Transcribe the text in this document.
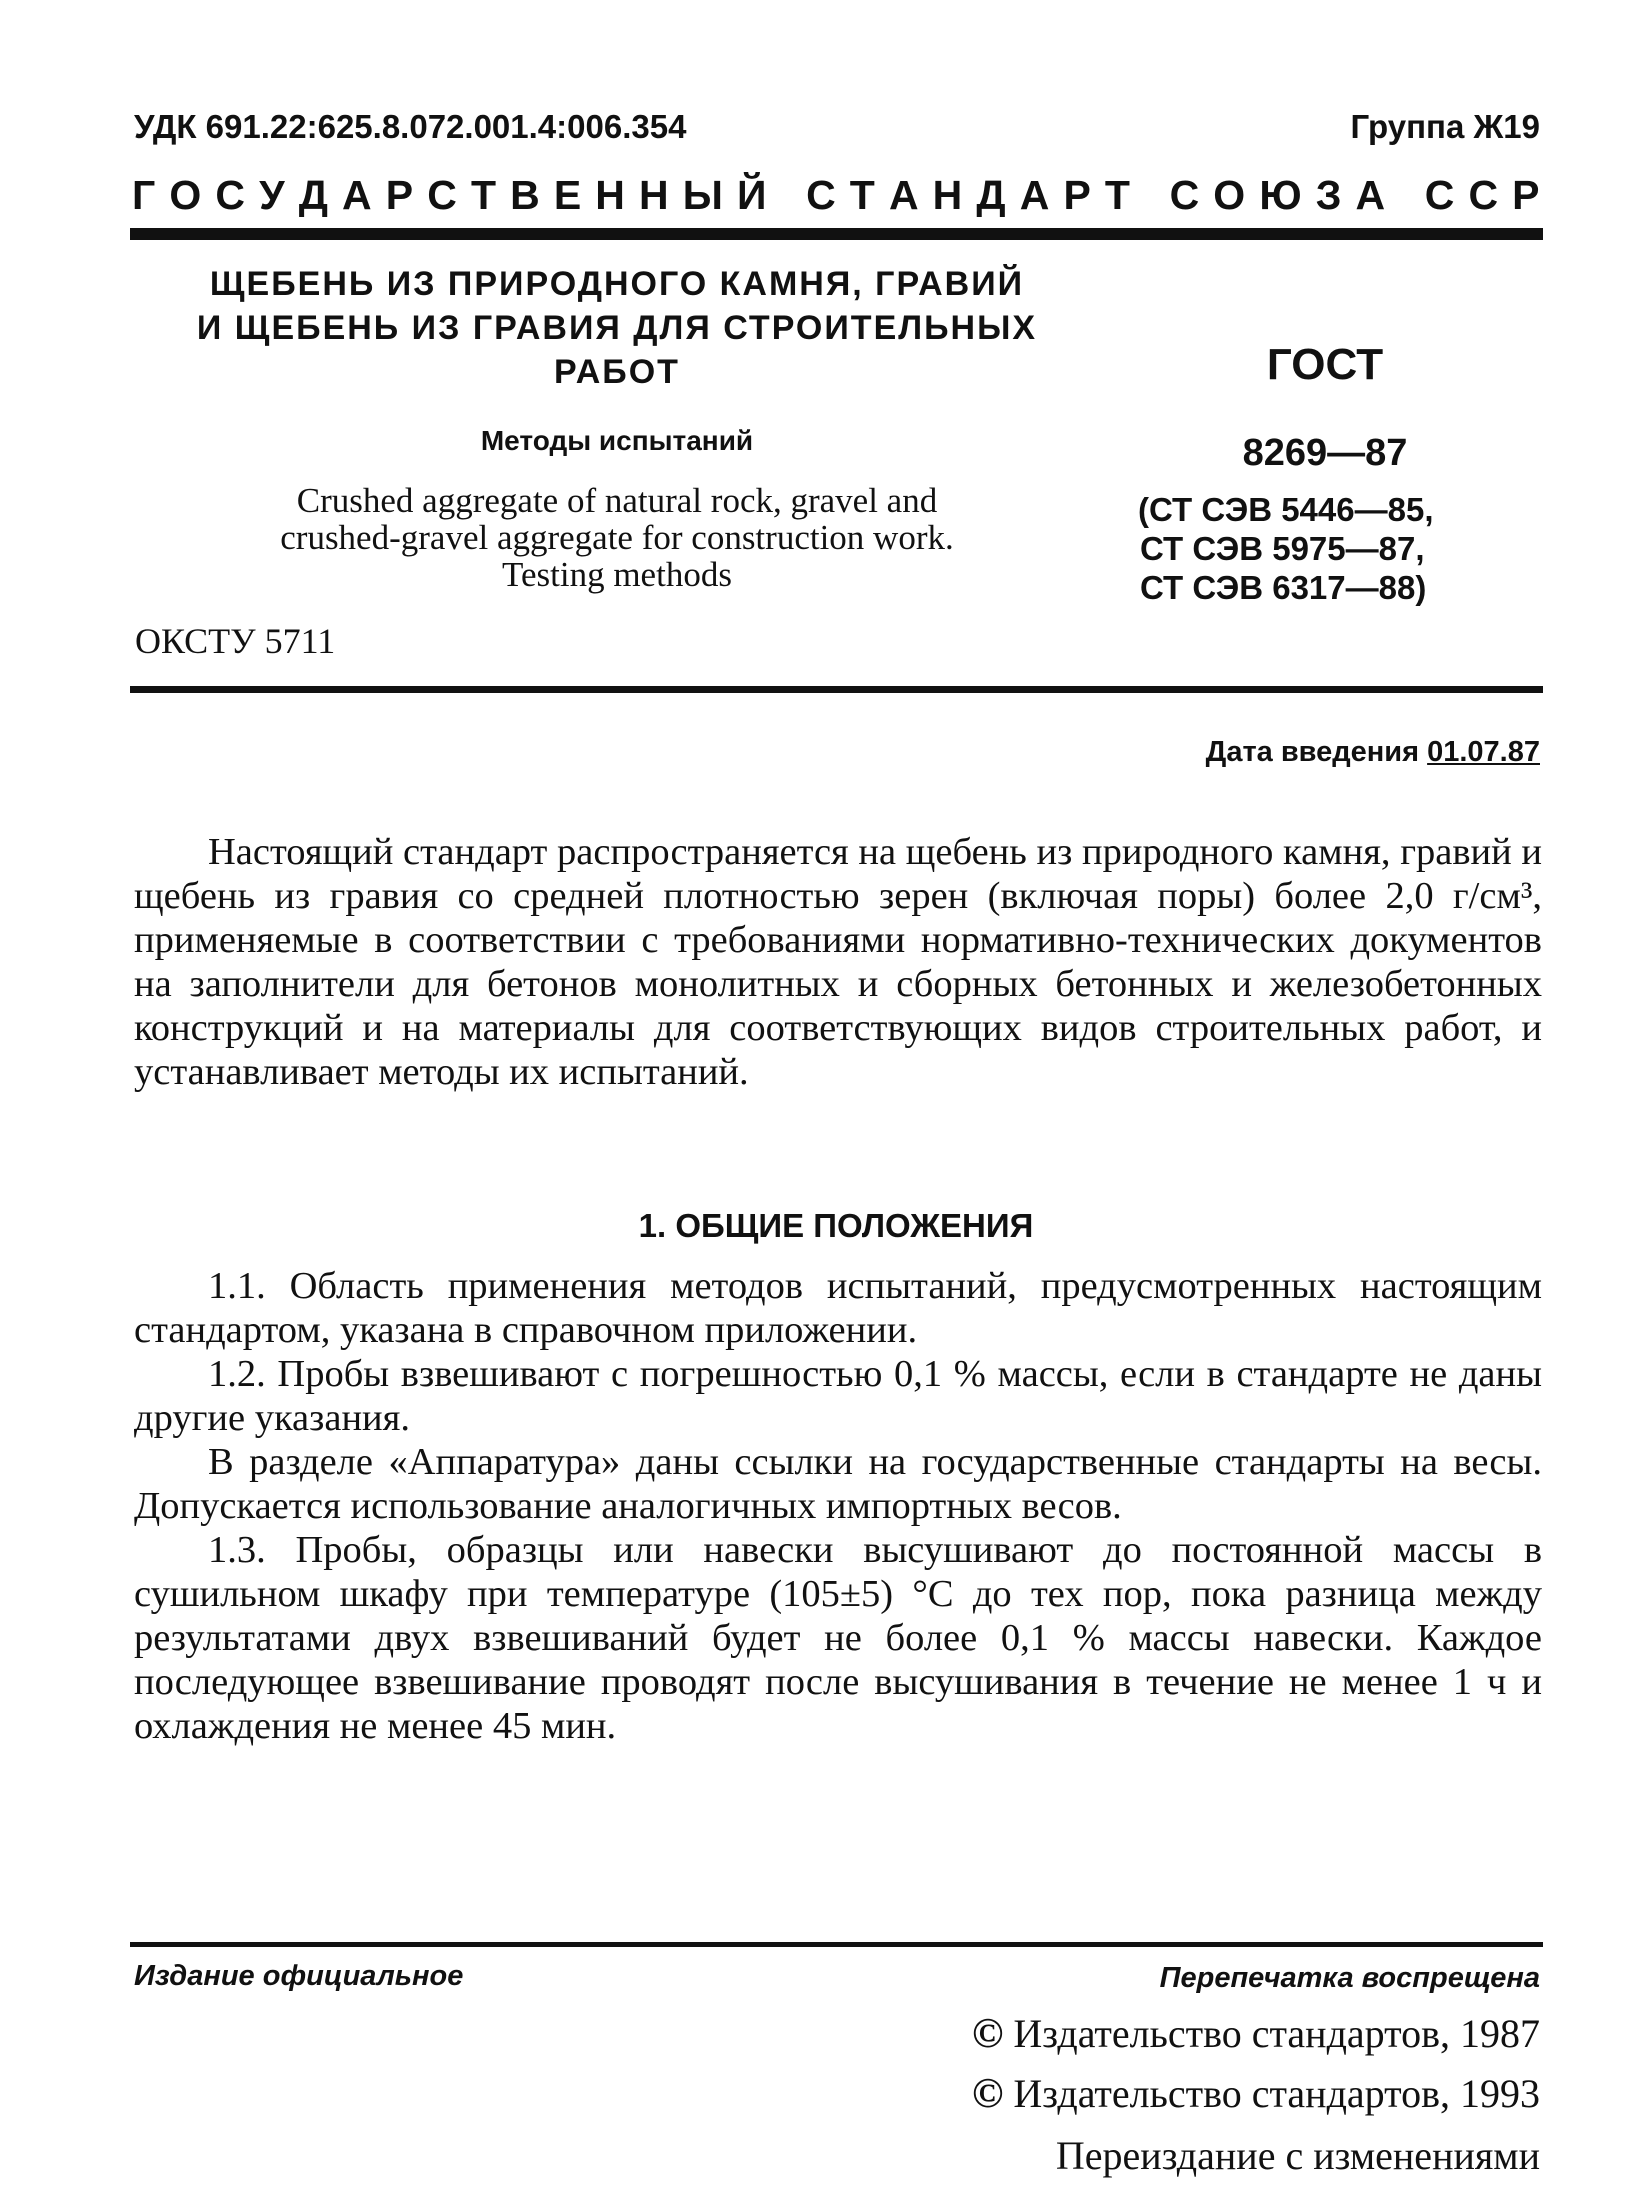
УДК 691.22:625.8.072.001.4:006.354	Группа Ж19
Г О С У Д А Р С Т В Е Н Н Ы Й
С Т А Н Д А Р Т
С О Ю З А
С С Р
ЩЕБЕНЬ ИЗ ПРИРОДНОГО КАМНЯ, ГРАВИЙ
И ЩЕБЕНЬ ИЗ ГРАВИЯ ДЛЯ СТРОИТЕЛЬНЫХ
РАБОТ
Методы испытаний
Crushed aggregate of natural rock, gravel and
crushed-gravel aggregate for construction work.
Testing methods
ОКСТУ 5711
ГОСТ
8269—87
(СТ СЭВ 5446—85,
СТ СЭВ 5975—87,
СТ СЭВ 6317—88)
Дата введения 01.07.87

Настоящий стандарт распространяется на щебень из природного камня, гравий и щебень из гравия со средней плотностью зерен (включая поры) более 2,0 г/см³, применяемые в соответствии с требованиями нормативно-технических документов на заполнители для бетонов монолитных и сборных бетонных и железобетонных конструкций и на материалы для соответствующих видов строительных работ, и устанавливает методы их испытаний.

1. ОБЩИЕ ПОЛОЖЕНИЯ

1.1. Область применения методов испытаний, предусмотренных настоящим стандартом, указана в справочном приложении.

1.2. Пробы взвешивают с погрешностью 0,1 % массы, если в стандарте не даны другие указания.

В разделе «Аппаратура» даны ссылки на государственные стандарты на весы. Допускается использование аналогичных импортных весов.

1.3. Пробы, образцы или навески высушивают до постоянной массы в сушильном шкафу при температуре (105±5) °С до тех пор, пока разница между результатами двух взвешиваний будет не более 0,1 % массы навески. Каждое последующее взвешивание проводят после высушивания в течение не менее 1 ч и охлаждения не менее 45 мин.

Издание официальное	Перепечатка воспрещена
© Издательство стандартов, 1987
© Издательство стандартов, 1993
Переиздание с изменениями
